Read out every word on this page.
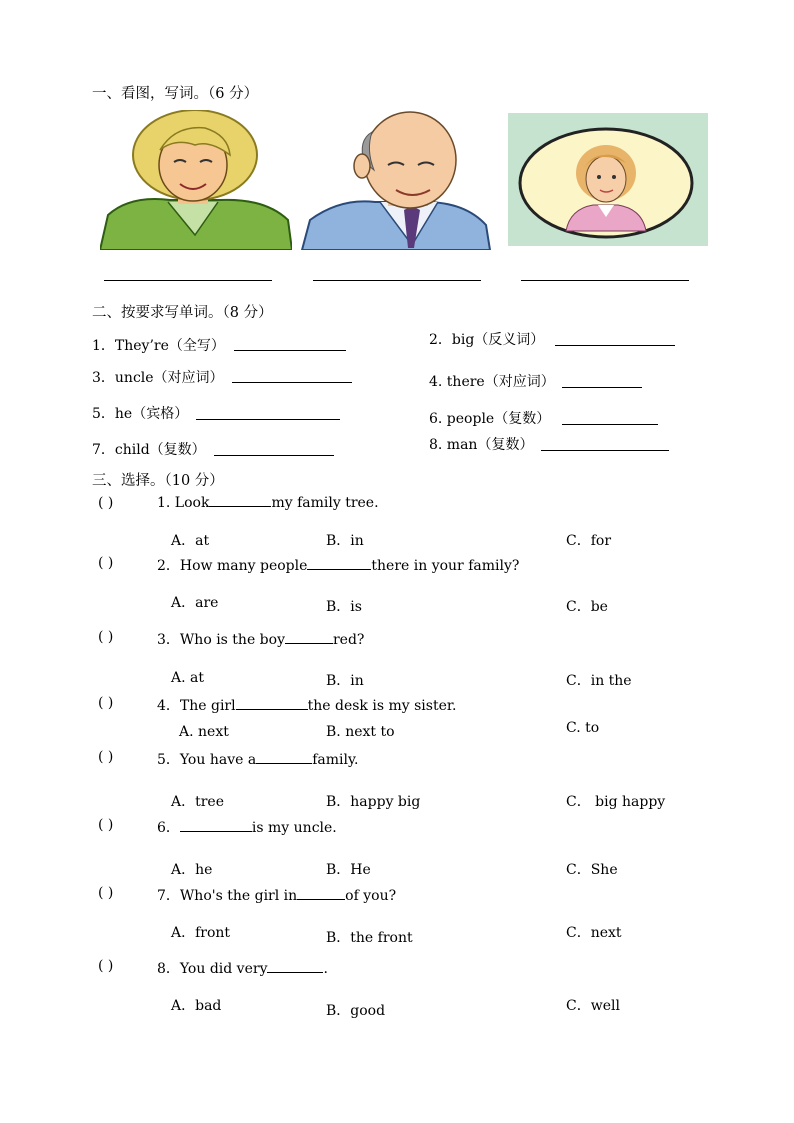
一、看图，写词。（6 分）
二、按要求写单词。（8 分）
1．They’re（全写）	2．big（反义词）
3．uncle（对应词）	4. there（对应词）
5．he（宾格）	6. people（复数）
7．child（复数）	8. man（复数）
三、选择。（10 分）
( )	1. Look	my family tree.
A．at	B．in	C．for
( )	2．How many people	there in your family?
A．are	B．is	C．be
( )	3．Who is the boy	red?
A. at	B．in	C．in the
( )	4．The girl	the desk is my sister.
A. next	B. next to	C. to
( )	5．You have a	family.
A．tree	B．happy big	C． big happy
( )	6．	is my uncle.
A．he	B．He	C．She
( )	7．Who's the girl in	of you?
A．front	B．the front	C．next
( )	8．You did very	.
A．bad	B．good	C．well
